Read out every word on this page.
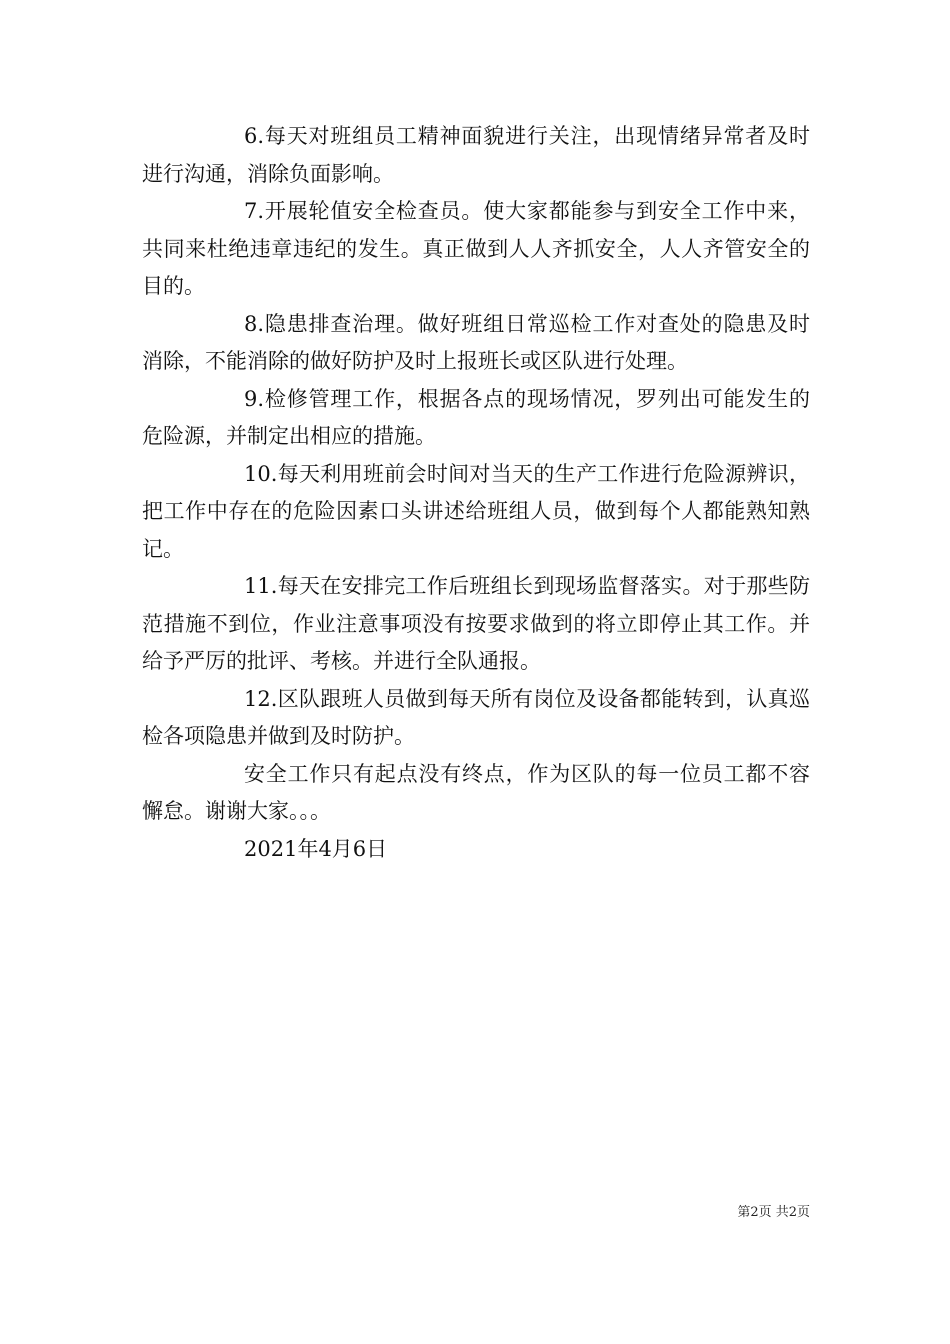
6.每天对班组员工精神面貌进行关注，出现情绪异常者及时进行沟通，消除负面影响。

7.开展轮值安全检查员。使大家都能参与到安全工作中来，共同来杜绝违章违纪的发生。真正做到人人齐抓安全，人人齐管安全的目的。

8.隐患排查治理。做好班组日常巡检工作对查处的隐患及时消除，不能消除的做好防护及时上报班长或区队进行处理。

9.检修管理工作，根据各点的现场情况，罗列出可能发生的危险源，并制定出相应的措施。

10.每天利用班前会时间对当天的生产工作进行危险源辨识，把工作中存在的危险因素口头讲述给班组人员，做到每个人都能熟知熟记。

11.每天在安排完工作后班组长到现场监督落实。对于那些防范措施不到位，作业注意事项没有按要求做到的将立即停止其工作。并给予严厉的批评、考核。并进行全队通报。

12.区队跟班人员做到每天所有岗位及设备都能转到，认真巡检各项隐患并做到及时防护。

安全工作只有起点没有终点，作为区队的每一位员工都不容懈怠。谢谢大家。。。

2021年4月6日

第2页 共2页
